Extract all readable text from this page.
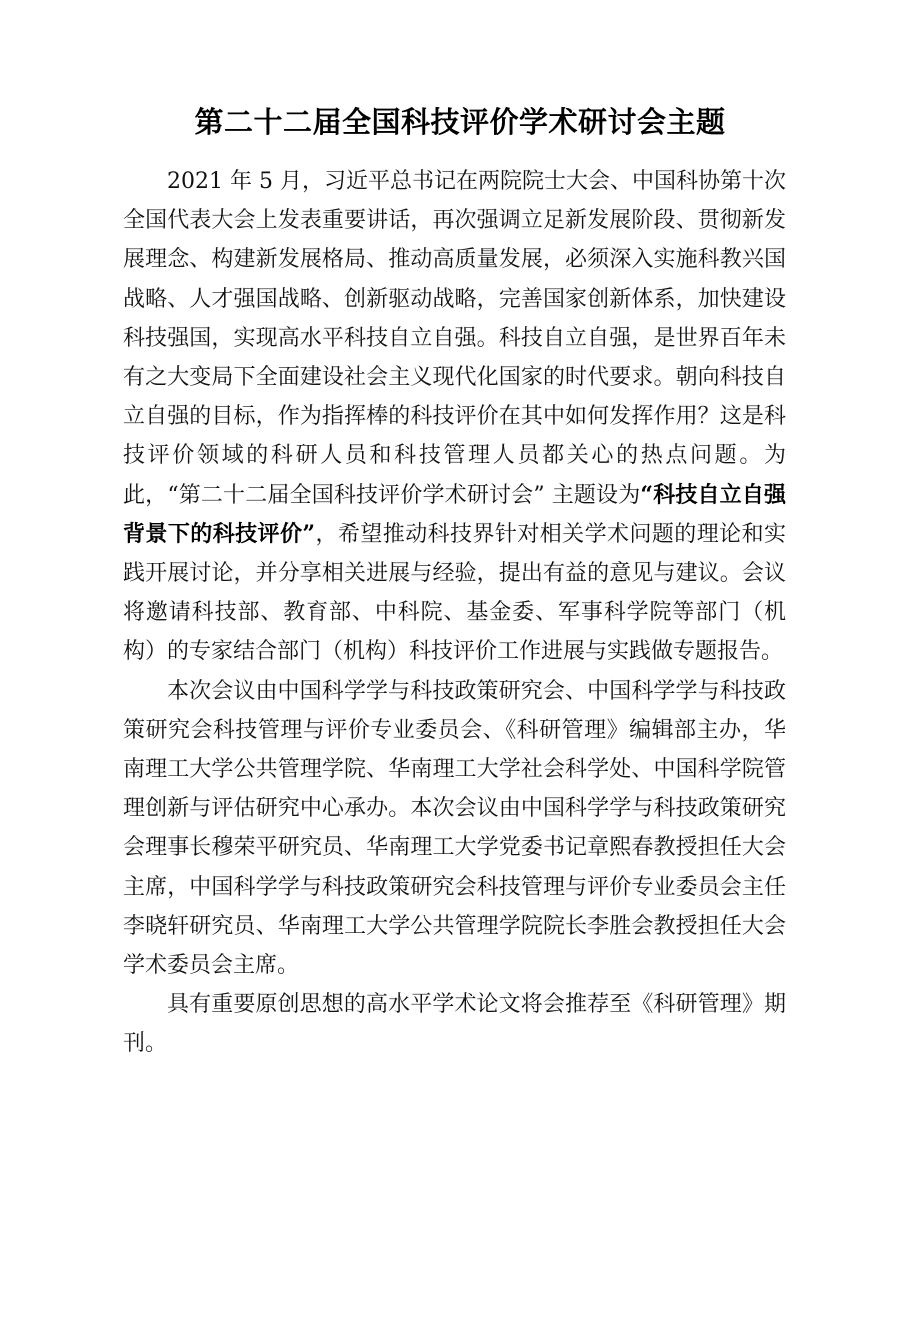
第二十二届全国科技评价学术研讨会主题

2021 年 5 月，习近平总书记在两院院士大会、中国科协第十次全国代表大会上发表重要讲话，再次强调立足新发展阶段、贯彻新发展理念、构建新发展格局、推动高质量发展，必须深入实施科教兴国战略、人才强国战略、创新驱动战略，完善国家创新体系，加快建设科技强国，实现高水平科技自立自强。科技自立自强，是世界百年未有之大变局下全面建设社会主义现代化国家的时代要求。朝向科技自立自强的目标，作为指挥棒的科技评价在其中如何发挥作用？这是科技评价领域的科研人员和科技管理人员都关心的热点问题。为此，“第二十二届全国科技评价学术研讨会” 主题设为“科技自立自强背景下的科技评价”，希望推动科技界针对相关学术问题的理论和实践开展讨论，并分享相关进展与经验，提出有益的意见与建议。会议将邀请科技部、教育部、中科院、基金委、军事科学院等部门（机构）的专家结合部门（机构）科技评价工作进展与实践做专题报告。

本次会议由中国科学学与科技政策研究会、中国科学学与科技政策研究会科技管理与评价专业委员会、《科研管理》编辑部主办，华南理工大学公共管理学院、华南理工大学社会科学处、中国科学院管理创新与评估研究中心承办。本次会议由中国科学学与科技政策研究会理事长穆荣平研究员、华南理工大学党委书记章熙春教授担任大会主席，中国科学学与科技政策研究会科技管理与评价专业委员会主任李晓轩研究员、华南理工大学公共管理学院院长李胜会教授担任大会学术委员会主席。

具有重要原创思想的高水平学术论文将会推荐至《科研管理》期刊。
